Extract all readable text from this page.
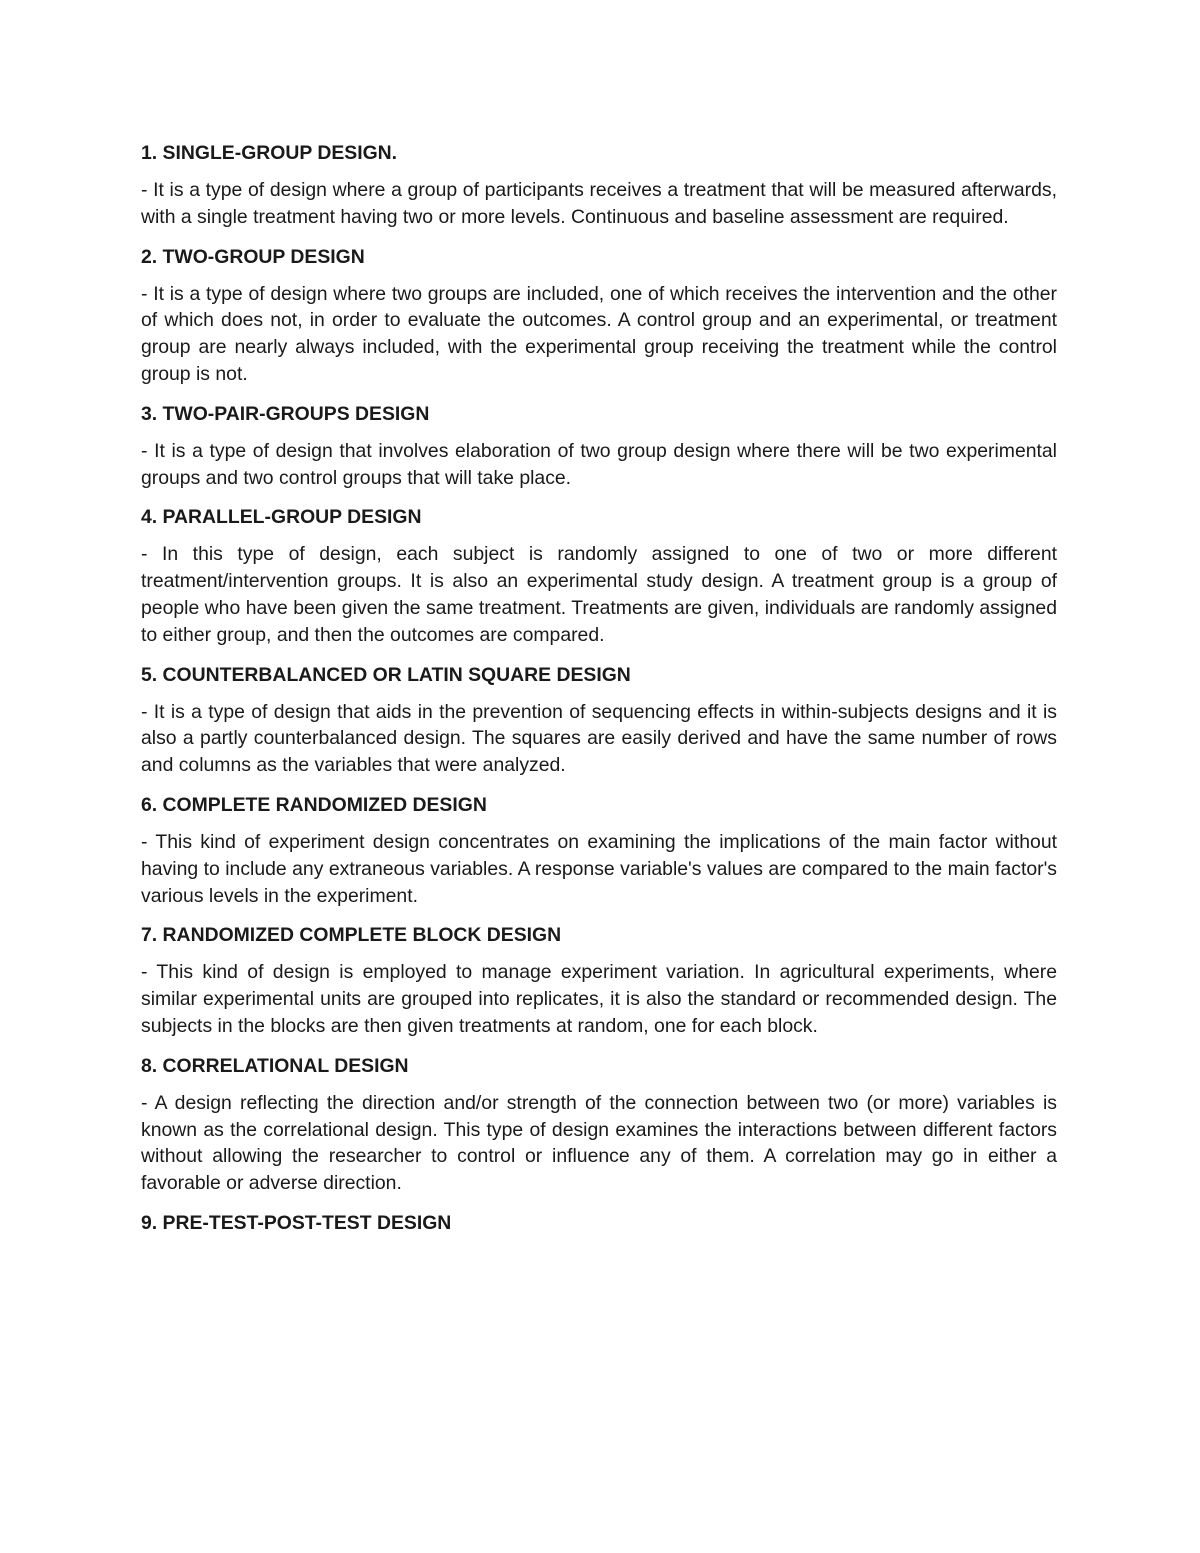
1. SINGLE-GROUP DESIGN.
- It is a type of design where a group of participants receives a treatment that will be measured afterwards, with a single treatment having two or more levels. Continuous and baseline assessment are required.
2. TWO-GROUP DESIGN
- It is a type of design where two groups are included, one of which receives the intervention and the other of which does not, in order to evaluate the outcomes. A control group and an experimental, or treatment group are nearly always included, with the experimental group receiving the treatment while the control group is not.
3. TWO-PAIR-GROUPS DESIGN
- It is a type of design that involves elaboration of two group design where there will be two experimental groups and two control groups that will take place.
4. PARALLEL-GROUP DESIGN
- In this type of design, each subject is randomly assigned to one of two or more different treatment/intervention groups. It is also an experimental study design. A treatment group is a group of people who have been given the same treatment. Treatments are given, individuals are randomly assigned to either group, and then the outcomes are compared.
5. COUNTERBALANCED OR LATIN SQUARE DESIGN
- It is a type of design that aids in the prevention of sequencing effects in within-subjects designs and it is also a partly counterbalanced design. The squares are easily derived and have the same number of rows and columns as the variables that were analyzed.
6. COMPLETE RANDOMIZED DESIGN
- This kind of experiment design concentrates on examining the implications of the main factor without having to include any extraneous variables. A response variable's values are compared to the main factor's various levels in the experiment.
7. RANDOMIZED COMPLETE BLOCK DESIGN
- This kind of design is employed to manage experiment variation. In agricultural experiments, where similar experimental units are grouped into replicates, it is also the standard or recommended design. The subjects in the blocks are then given treatments at random, one for each block.
8. CORRELATIONAL DESIGN
- A design reflecting the direction and/or strength of the connection between two (or more) variables is known as the correlational design. This type of design examines the interactions between different factors without allowing the researcher to control or influence any of them. A correlation may go in either a favorable or adverse direction.
9. PRE-TEST-POST-TEST DESIGN
